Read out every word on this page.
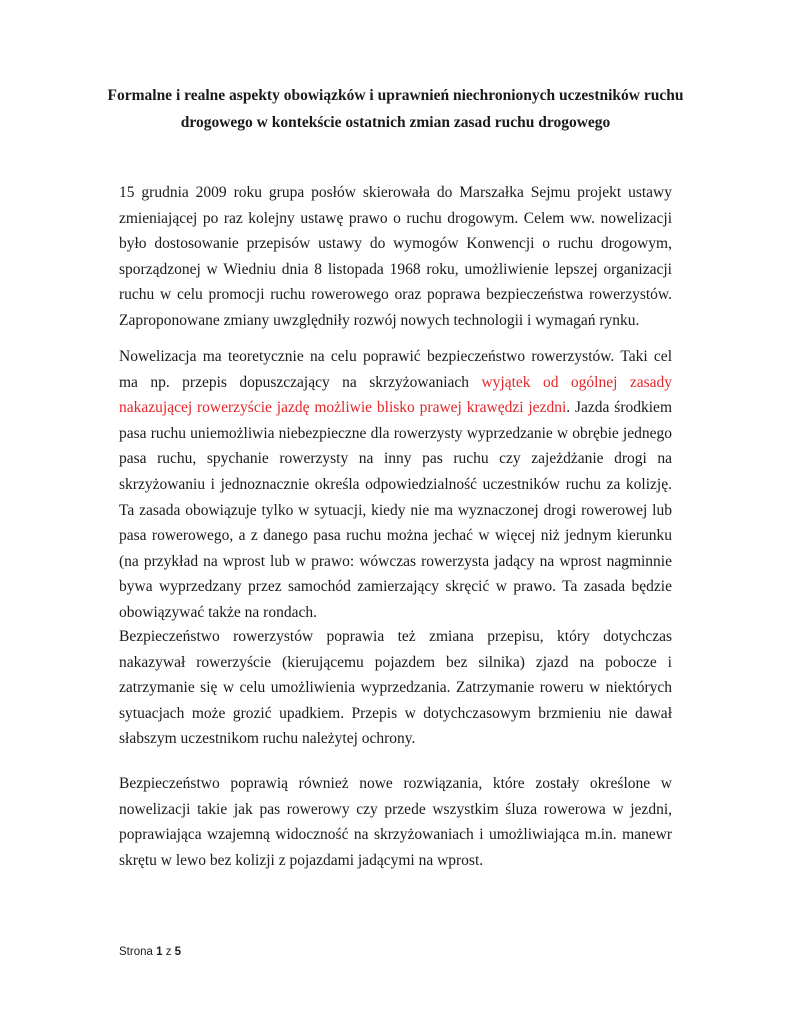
Formalne i realne aspekty obowiązków i uprawnień niechronionych uczestników ruchu
drogowego w kontekście ostatnich zmian zasad ruchu drogowego

15 grudnia 2009 roku grupa posłów skierowała do Marszałka Sejmu projekt ustawy zmieniającej po raz kolejny ustawę prawo o ruchu drogowym. Celem ww. nowelizacji było dostosowanie przepisów ustawy do wymogów Konwencji o ruchu drogowym, sporządzonej w Wiedniu dnia 8 listopada 1968 roku, umożliwienie lepszej organizacji ruchu w celu promocji ruchu rowerowego oraz poprawa bezpieczeństwa rowerzystów. Zaproponowane zmiany uwzględniły rozwój nowych technologii i wymagań rynku.

Nowelizacja ma teoretycznie na celu poprawić bezpieczeństwo rowerzystów. Taki cel ma np. przepis dopuszczający na skrzyżowaniach wyjątek od ogólnej zasady nakazującej rowerzyście jazdę możliwie blisko prawej krawędzi jezdni. Jazda środkiem pasa ruchu uniemożliwia niebezpieczne dla rowerzysty wyprzedzanie w obrębie jednego pasa ruchu, spychanie rowerzysty na inny pas ruchu czy zajeżdżanie drogi na skrzyżowaniu i jednoznacznie określa odpowiedzialność uczestników ruchu za kolizję. Ta zasada obowiązuje tylko w sytuacji, kiedy nie ma wyznaczonej drogi rowerowej lub pasa rowerowego, a z danego pasa ruchu można jechać w więcej niż jednym kierunku (na przykład na wprost lub w prawo: wówczas rowerzysta jadący na wprost nagminnie bywa wyprzedzany przez samochód zamierzający skręcić w prawo. Ta zasada będzie obowiązywać także na rondach.

Bezpieczeństwo rowerzystów poprawia też zmiana przepisu, który dotychczas nakazywał rowerzyście (kierującemu pojazdem bez silnika) zjazd na pobocze i zatrzymanie się w celu umożliwienia wyprzedzania. Zatrzymanie roweru w niektórych sytuacjach może grozić upadkiem. Przepis w dotychczasowym brzmieniu nie dawał słabszym uczestnikom ruchu należytej ochrony.

Bezpieczeństwo poprawią również nowe rozwiązania, które zostały określone w nowelizacji takie jak pas rowerowy czy przede wszystkim śluza rowerowa w jezdni, poprawiająca wzajemną widoczność na skrzyżowaniach i umożliwiająca m.in. manewr skrętu w lewo bez kolizji z pojazdami jadącymi na wprost.

Strona 1 z 5
